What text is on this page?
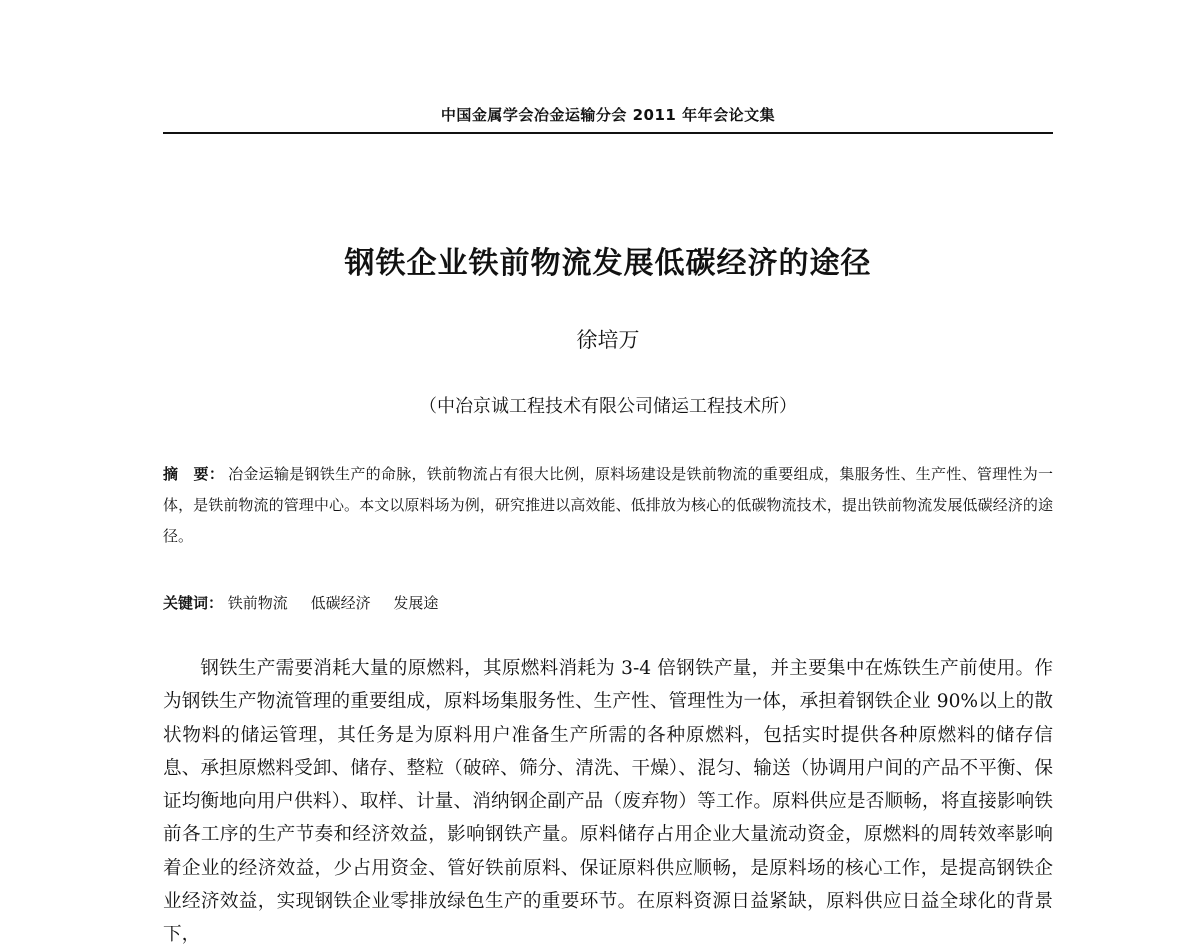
中国金属学会冶金运输分会 2011 年年会论文集
钢铁企业铁前物流发展低碳经济的途径
徐培万
（中冶京诚工程技术有限公司储运工程技术所）
摘　要： 冶金运输是钢铁生产的命脉，铁前物流占有很大比例，原料场建设是铁前物流的重要组成，集服务性、生产性、管理性为一体，是铁前物流的管理中心。本文以原料场为例，研究推进以高效能、低排放为核心的低碳物流技术，提出铁前物流发展低碳经济的途径。
关键词： 铁前物流 低碳经济 发展途

钢铁生产需要消耗大量的原燃料，其原燃料消耗为 3-4 倍钢铁产量，并主要集中在炼铁生产前使用。作为钢铁生产物流管理的重要组成，原料场集服务性、生产性、管理性为一体，承担着钢铁企业 90%以上的散状物料的储运管理，其任务是为原料用户准备生产所需的各种原燃料，包括实时提供各种原燃料的储存信息、承担原燃料受卸、储存、整粒（破碎、筛分、清洗、干燥）、混匀、输送（协调用户间的产品不平衡、保证均衡地向用户供料）、取样、计量、消纳钢企副产品（废弃物）等工作。原料供应是否顺畅，将直接影响铁前各工序的生产节奏和经济效益，影响钢铁产量。原料储存占用企业大量流动资金，原燃料的周转效率影响着企业的经济效益，少占用资金、管好铁前原料、保证原料供应顺畅，是原料场的核心工作，是提高钢铁企业经济效益，实现钢铁企业零排放绿色生产的重要环节。在原料资源日益紧缺，原料供应日益全球化的背景下，
